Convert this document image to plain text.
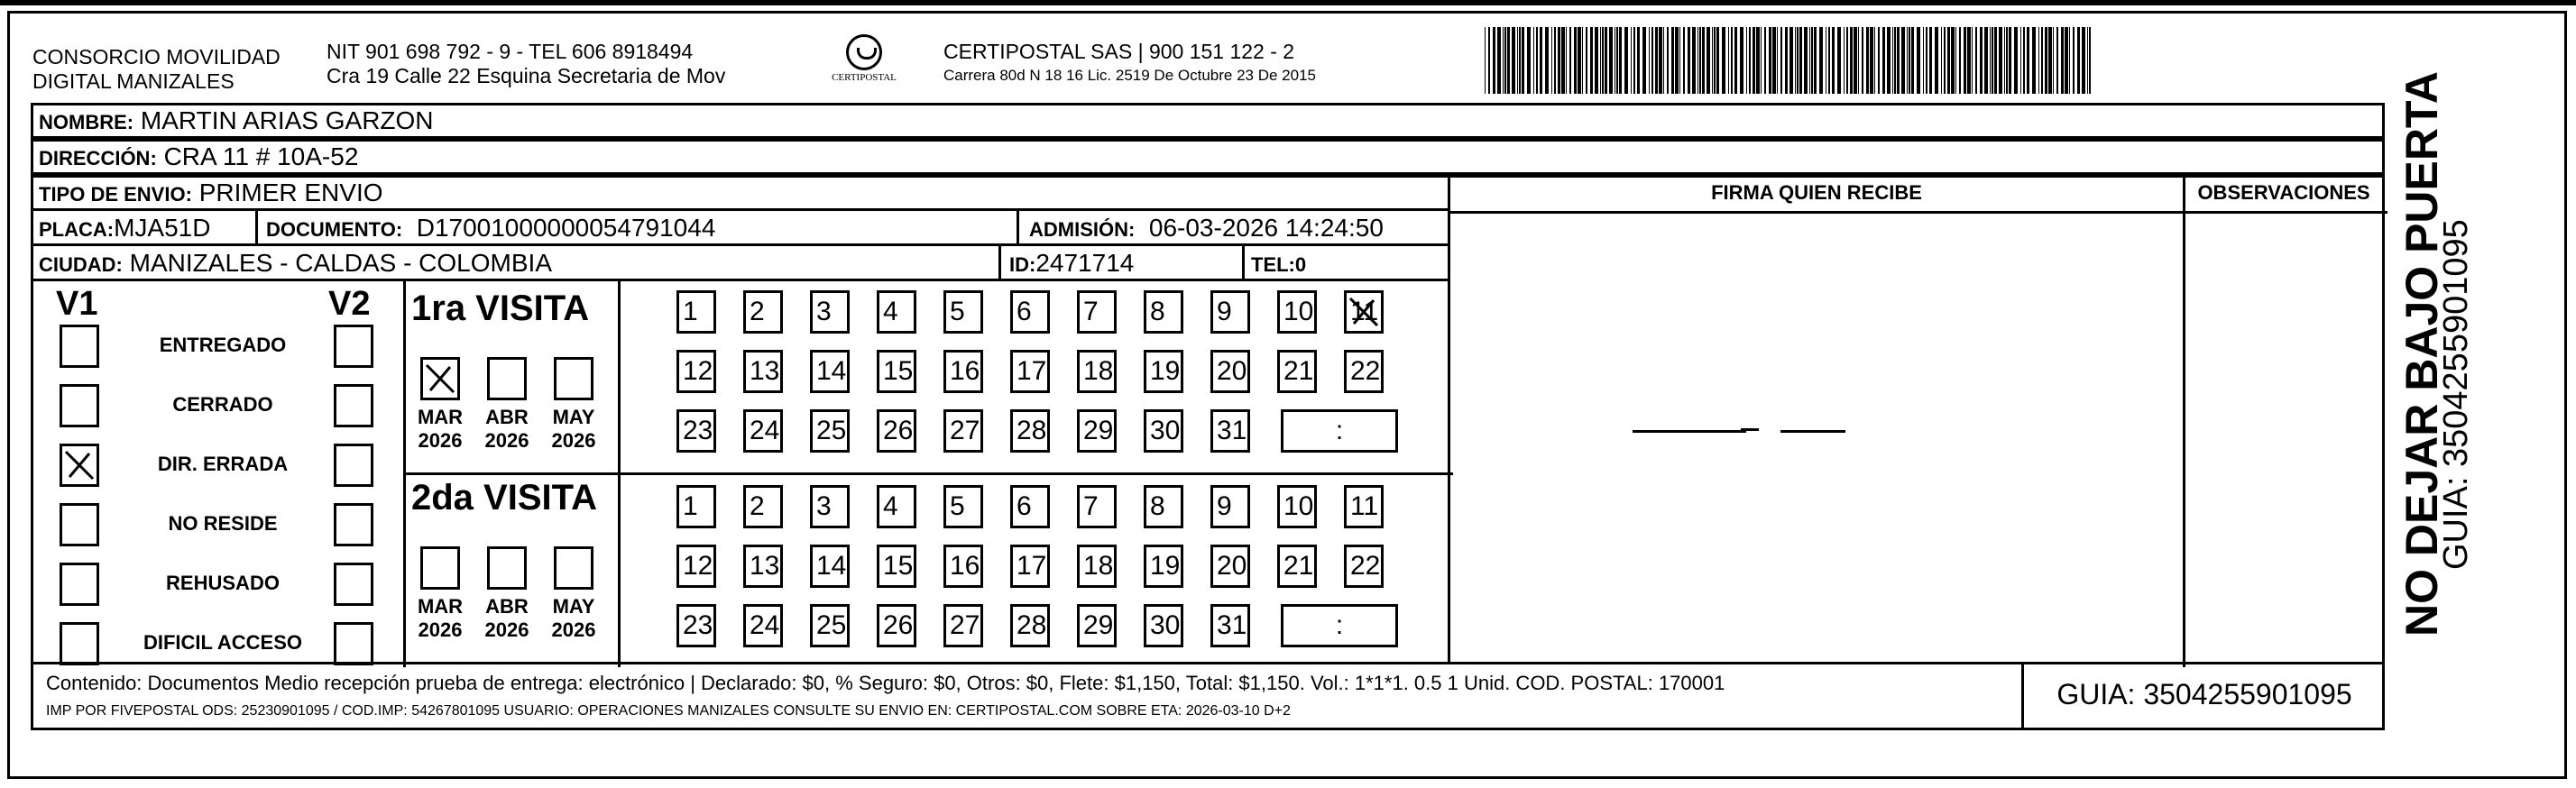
CONSORCIO MOVILIDAD
DIGITAL MANIZALES
NIT 901 698 792 - 9 - TEL 606 8918494
Cra 19 Calle 22 Esquina Secretaria de Mov	CERTIPOSTAL
CERTIPOSTAL SAS | 900 151 122 - 2
Carrera 80d N 18 16 Lic. 2519 De Octubre 23 De 2015
NOMBRE: MARTIN ARIAS GARZON
DIRECCIÓN: CRA 11 # 10A-52
TIPO DE ENVIO: PRIMER ENVIO
PLACA:MJA51D	DOCUMENTO: D17001000000054791044	ADMISIÓN: 06-03-2026 14:24:50
CIUDAD: MANIZALES - CALDAS - COLOMBIA	ID:2471714	TEL:0
FIRMA QUIEN RECIBE	OBSERVACIONES
V1	V2
ENTREGADO
CERRADO
DIR. ERRADA
NO RESIDE
REHUSADO
DIFICIL ACCESO
1ra VISITA
2da VISITA
MAR
2026
ABR
2026
MAY
2026
MAR
2026
ABR
2026
MAY
2026
1	2	3	4	5	6	7	8	9	10 11
12 13 14 15 16 17 18 19 20 21 22
23 24 25 26 27 28 29 30 31	:
1	2	3	4	5	6	7	8	9	10 11
12 13 14 15 16 17 18 19 20 21 22
23 24 25 26 27 28 29 30 31	:
Contenido: Documentos Medio recepción prueba de entrega: electrónico | Declarado: $0, % Seguro: $0, Otros: $0, Flete: $1,150, Total: $1,150. Vol.: 1*1*1. 0.5 1 Unid. COD. POSTAL: 170001
IMP POR FIVEPOSTAL ODS: 25230901095 / COD.IMP: 54267801095 USUARIO: OPERACIONES MANIZALES CONSULTE SU ENVIO EN: CERTIPOSTAL.COM SOBRE ETA: 2026-03-10 D+2
GUIA: 3504255901095
NO DEJAR BAJO PUERTA
GUIA: 3504255901095
